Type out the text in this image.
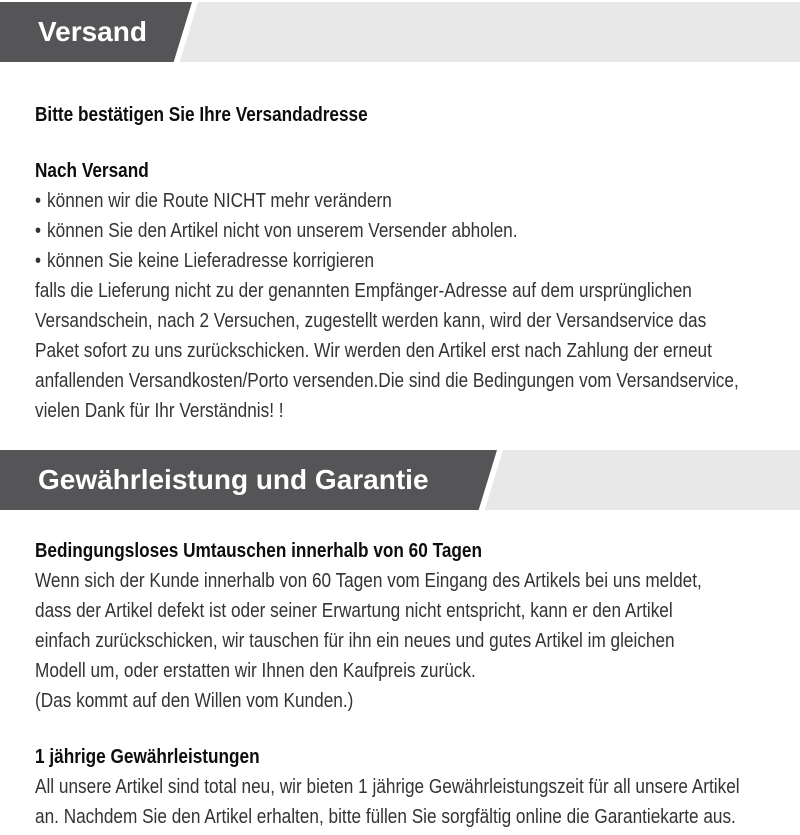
Versand
Bitte bestätigen Sie Ihre Versandadresse
Nach Versand
• können wir die Route NICHT mehr verändern
• können Sie den Artikel nicht von unserem Versender abholen.
• können Sie keine Lieferadresse korrigieren
falls die Lieferung nicht zu der genannten Empfänger-Adresse auf dem ursprünglichen
Versandschein, nach 2 Versuchen, zugestellt werden kann, wird der Versandservice das
Paket sofort zu uns zurückschicken. Wir werden den Artikel erst nach Zahlung der erneut
anfallenden Versandkosten/Porto versenden.Die sind die Bedingungen vom Versandservice,
vielen Dank für Ihr Verständnis! !
Gewährleistung und Garantie
Bedingungsloses Umtauschen innerhalb von 60 Tagen
Wenn sich der Kunde innerhalb von 60 Tagen vom Eingang des Artikels bei uns meldet,
dass der Artikel defekt ist oder seiner Erwartung nicht entspricht, kann er den Artikel
einfach zurückschicken, wir tauschen für ihn ein neues und gutes Artikel im gleichen
Modell um, oder erstatten wir Ihnen den Kaufpreis zurück.
(Das kommt auf den Willen vom Kunden.)
1 jährige Gewährleistungen
All unsere Artikel sind total neu, wir bieten 1 jährige Gewährleistungszeit für all unsere Artikel
an. Nachdem Sie den Artikel erhalten, bitte füllen Sie sorgfältig online die Garantiekarte aus.
